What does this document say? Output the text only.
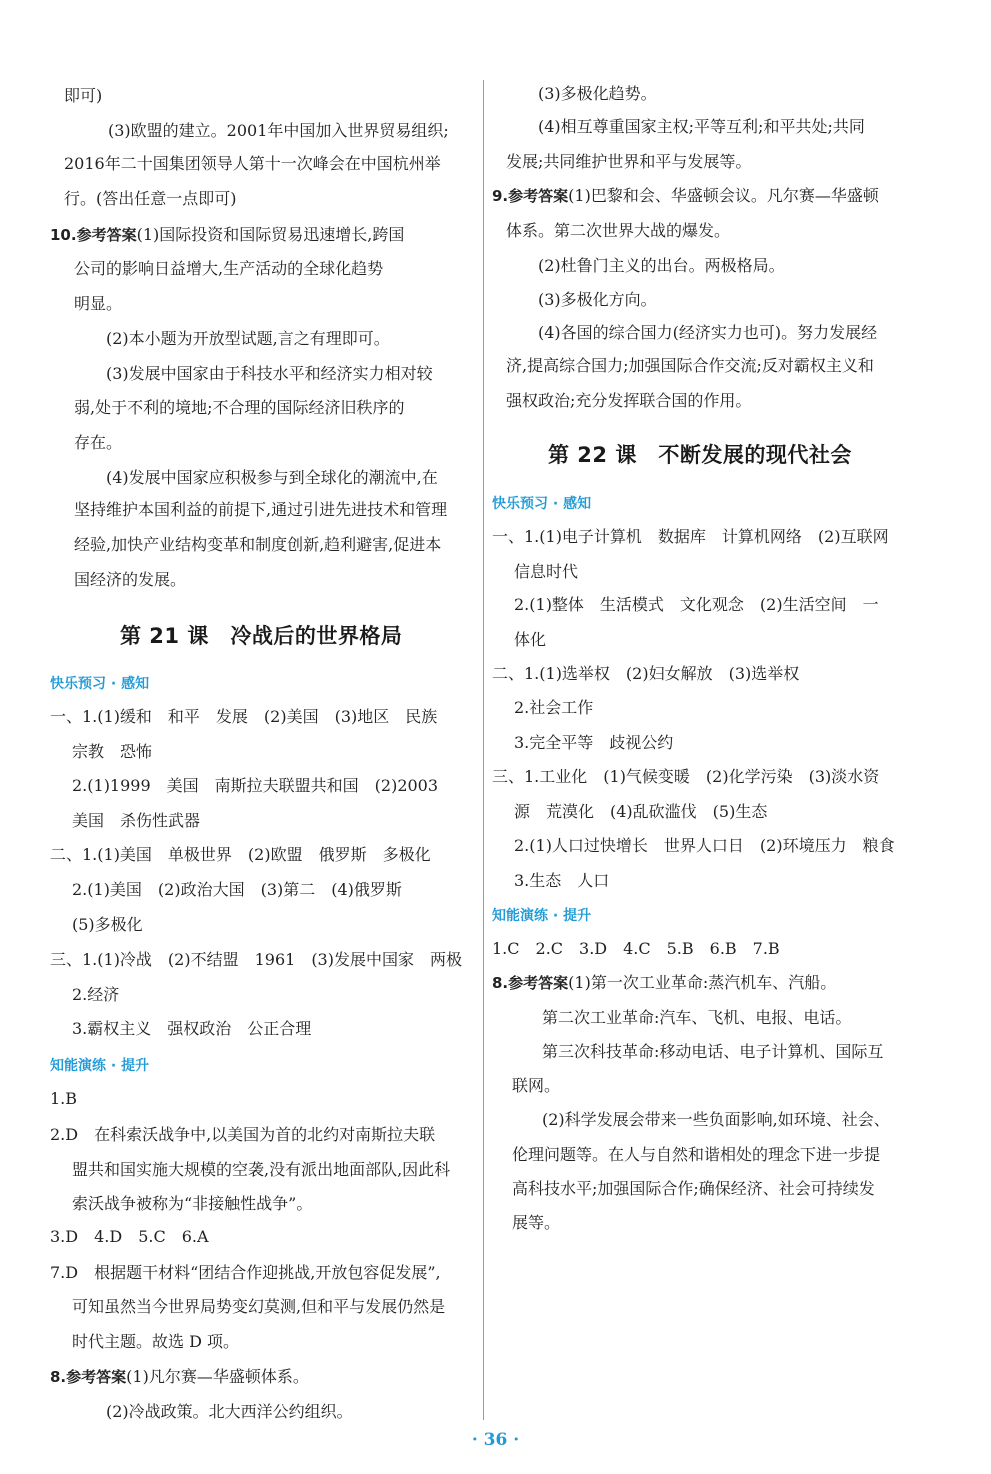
即可)
(3)欧盟的建立。2001年中国加入世界贸易组织;
2016年二十国集团领导人第十一次峰会在中国杭州举
行。(答出任意一点即可)
10.参考答案(1)国际投资和国际贸易迅速增长,跨国
公司的影响日益增大,生产活动的全球化趋势
明显。
(2)本小题为开放型试题,言之有理即可。
(3)发展中国家由于科技水平和经济实力相对较
弱,处于不利的境地;不合理的国际经济旧秩序的
存在。
(4)发展中国家应积极参与到全球化的潮流中,在
坚持维护本国利益的前提下,通过引进先进技术和管理
经验,加快产业结构变革和制度创新,趋利避害,促进本
国经济的发展。
第 21 课　冷战后的世界格局
快乐预习 · 感知
一、1.(1)缓和　和平　发展　(2)美国　(3)地区　民族
宗教　恐怖
2.(1)1999　美国　南斯拉夫联盟共和国　(2)2003
美国　杀伤性武器
二、1.(1)美国　单极世界　(2)欧盟　俄罗斯　多极化
2.(1)美国　(2)政治大国　(3)第二　(4)俄罗斯
(5)多极化
三、1.(1)冷战　(2)不结盟　1961　(3)发展中国家　两极
2.经济
3.霸权主义　强权政治　公正合理
知能演练 · 提升
1.B
2.D　在科索沃战争中,以美国为首的北约对南斯拉夫联
盟共和国实施大规模的空袭,没有派出地面部队,因此科
索沃战争被称为“非接触性战争”。
3.D　4.D　5.C　6.A
7.D　根据题干材料“团结合作迎挑战,开放包容促发展”,
可知虽然当今世界局势变幻莫测,但和平与发展仍然是
时代主题。故选 D 项。
8.参考答案(1)凡尔赛—华盛顿体系。
(2)冷战政策。北大西洋公约组织。
(3)多极化趋势。
(4)相互尊重国家主权;平等互利;和平共处;共同
发展;共同维护世界和平与发展等。
9.参考答案(1)巴黎和会、华盛顿会议。凡尔赛—华盛顿
体系。第二次世界大战的爆发。
(2)杜鲁门主义的出台。两极格局。
(3)多极化方向。
(4)各国的综合国力(经济实力也可)。努力发展经
济,提高综合国力;加强国际合作交流;反对霸权主义和
强权政治;充分发挥联合国的作用。
第 22 课　不断发展的现代社会
快乐预习 · 感知
一、1.(1)电子计算机　数据库　计算机网络　(2)互联网
信息时代
2.(1)整体　生活模式　文化观念　(2)生活空间　一
体化
二、1.(1)选举权　(2)妇女解放　(3)选举权
2.社会工作
3.完全平等　歧视公约
三、1.工业化　(1)气候变暖　(2)化学污染　(3)淡水资
源　荒漠化　(4)乱砍滥伐　(5)生态
2.(1)人口过快增长　世界人口日　(2)环境压力　粮食
3.生态　人口
知能演练 · 提升
1.C　2.C　3.D　4.C　5.B　6.B　7.B
8.参考答案(1)第一次工业革命:蒸汽机车、汽船。
第二次工业革命:汽车、飞机、电报、电话。
第三次科技革命:移动电话、电子计算机、国际互
联网。
(2)科学发展会带来一些负面影响,如环境、社会、
伦理问题等。在人与自然和谐相处的理念下进一步提
高科技水平;加强国际合作;确保经济、社会可持续发
展等。
· 36 ·
